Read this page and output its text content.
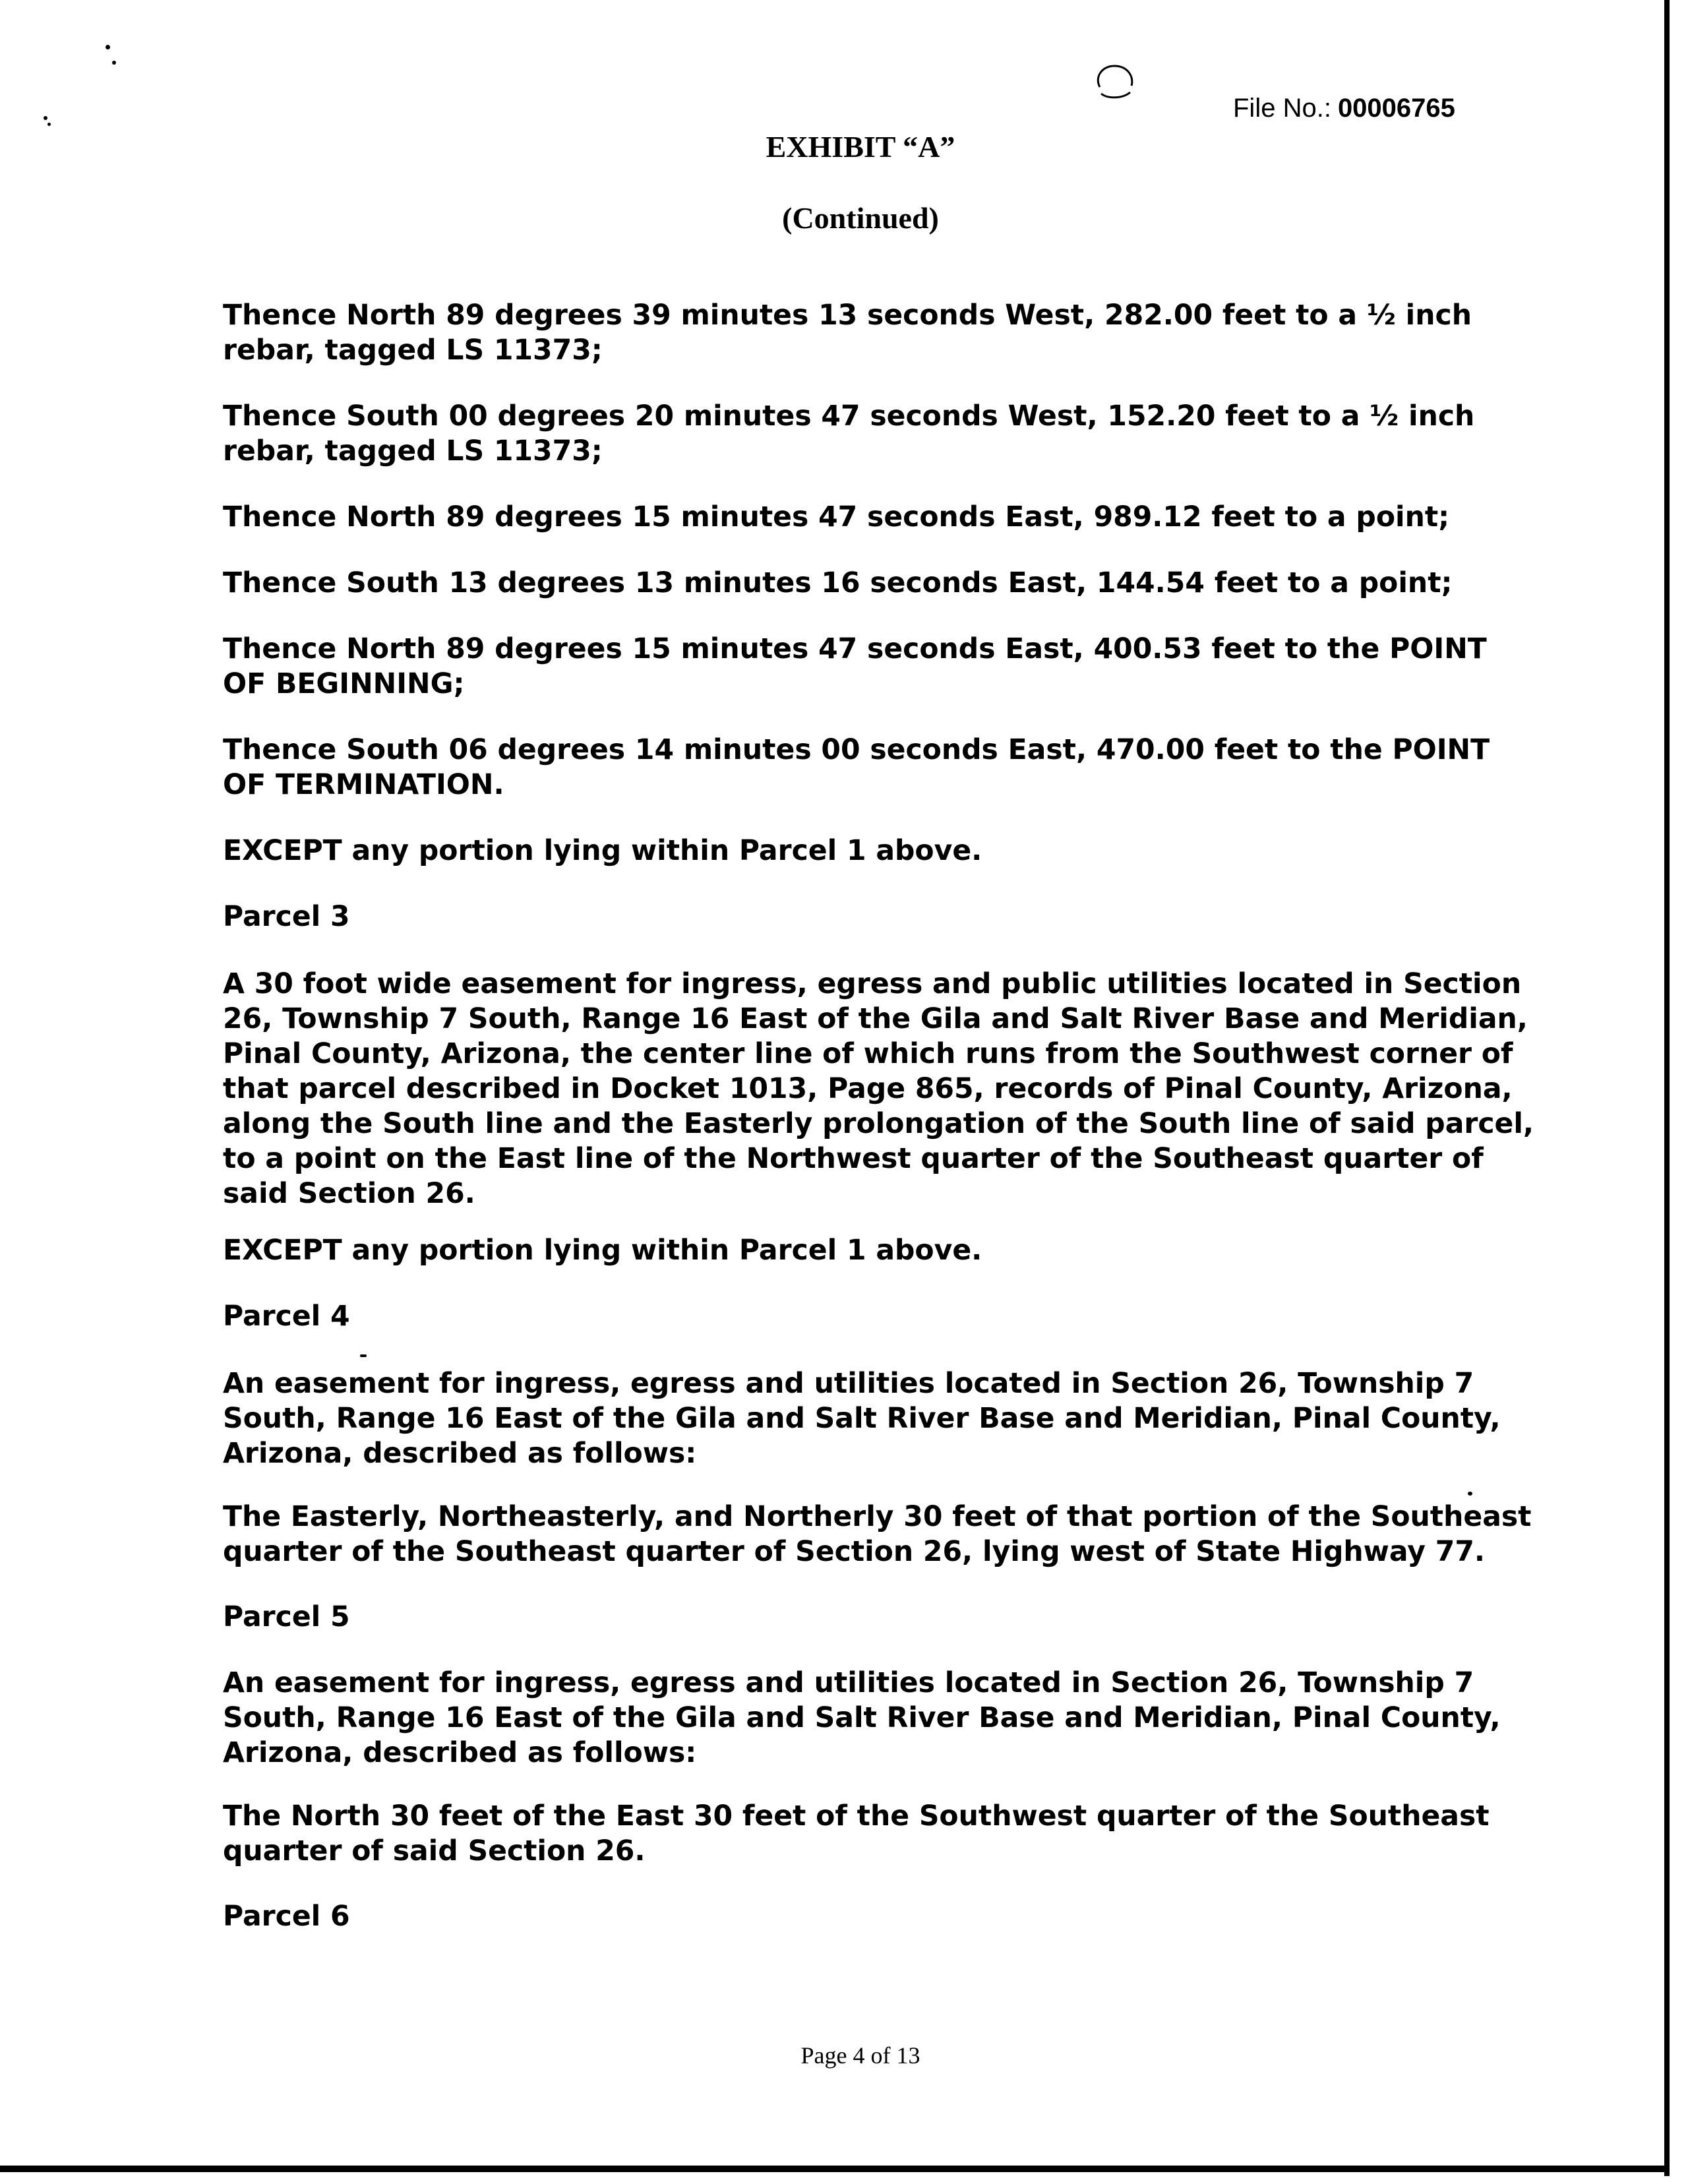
File No.: 00006765
EXHIBIT “A”
(Continued)

Thence North 89 degrees 39 minutes 13 seconds West, 282.00 feet to a ½ inch

rebar, tagged LS 11373;

Thence South 00 degrees 20 minutes 47 seconds West, 152.20 feet to a ½ inch

rebar, tagged LS 11373;

Thence North 89 degrees 15 minutes 47 seconds East, 989.12 feet to a point;

Thence South 13 degrees 13 minutes 16 seconds East, 144.54 feet to a point;

Thence North 89 degrees 15 minutes 47 seconds East, 400.53 feet to the POINT

OF BEGINNING;

Thence South 06 degrees 14 minutes 00 seconds East, 470.00 feet to the POINT

OF TERMINATION.

EXCEPT any portion lying within Parcel 1 above.

Parcel 3

A 30 foot wide easement for ingress, egress and public utilities located in Section

26, Township 7 South, Range 16 East of the Gila and Salt River Base and Meridian,

Pinal County, Arizona, the center line of which runs from the Southwest corner of

that parcel described in Docket 1013, Page 865, records of Pinal County, Arizona,

along the South line and the Easterly prolongation of the South line of said parcel,

to a point on the East line of the Northwest quarter of the Southeast quarter of

said Section 26.

EXCEPT any portion lying within Parcel 1 above.

Parcel 4

An easement for ingress, egress and utilities located in Section 26, Township 7

South, Range 16 East of the Gila and Salt River Base and Meridian, Pinal County,

Arizona, described as follows:

The Easterly, Northeasterly, and Northerly 30 feet of that portion of the Southeast

quarter of the Southeast quarter of Section 26, lying west of State Highway 77.

Parcel 5

An easement for ingress, egress and utilities located in Section 26, Township 7

South, Range 16 East of the Gila and Salt River Base and Meridian, Pinal County,

Arizona, described as follows:

The North 30 feet of the East 30 feet of the Southwest quarter of the Southeast

quarter of said Section 26.

Parcel 6

Page 4 of 13
